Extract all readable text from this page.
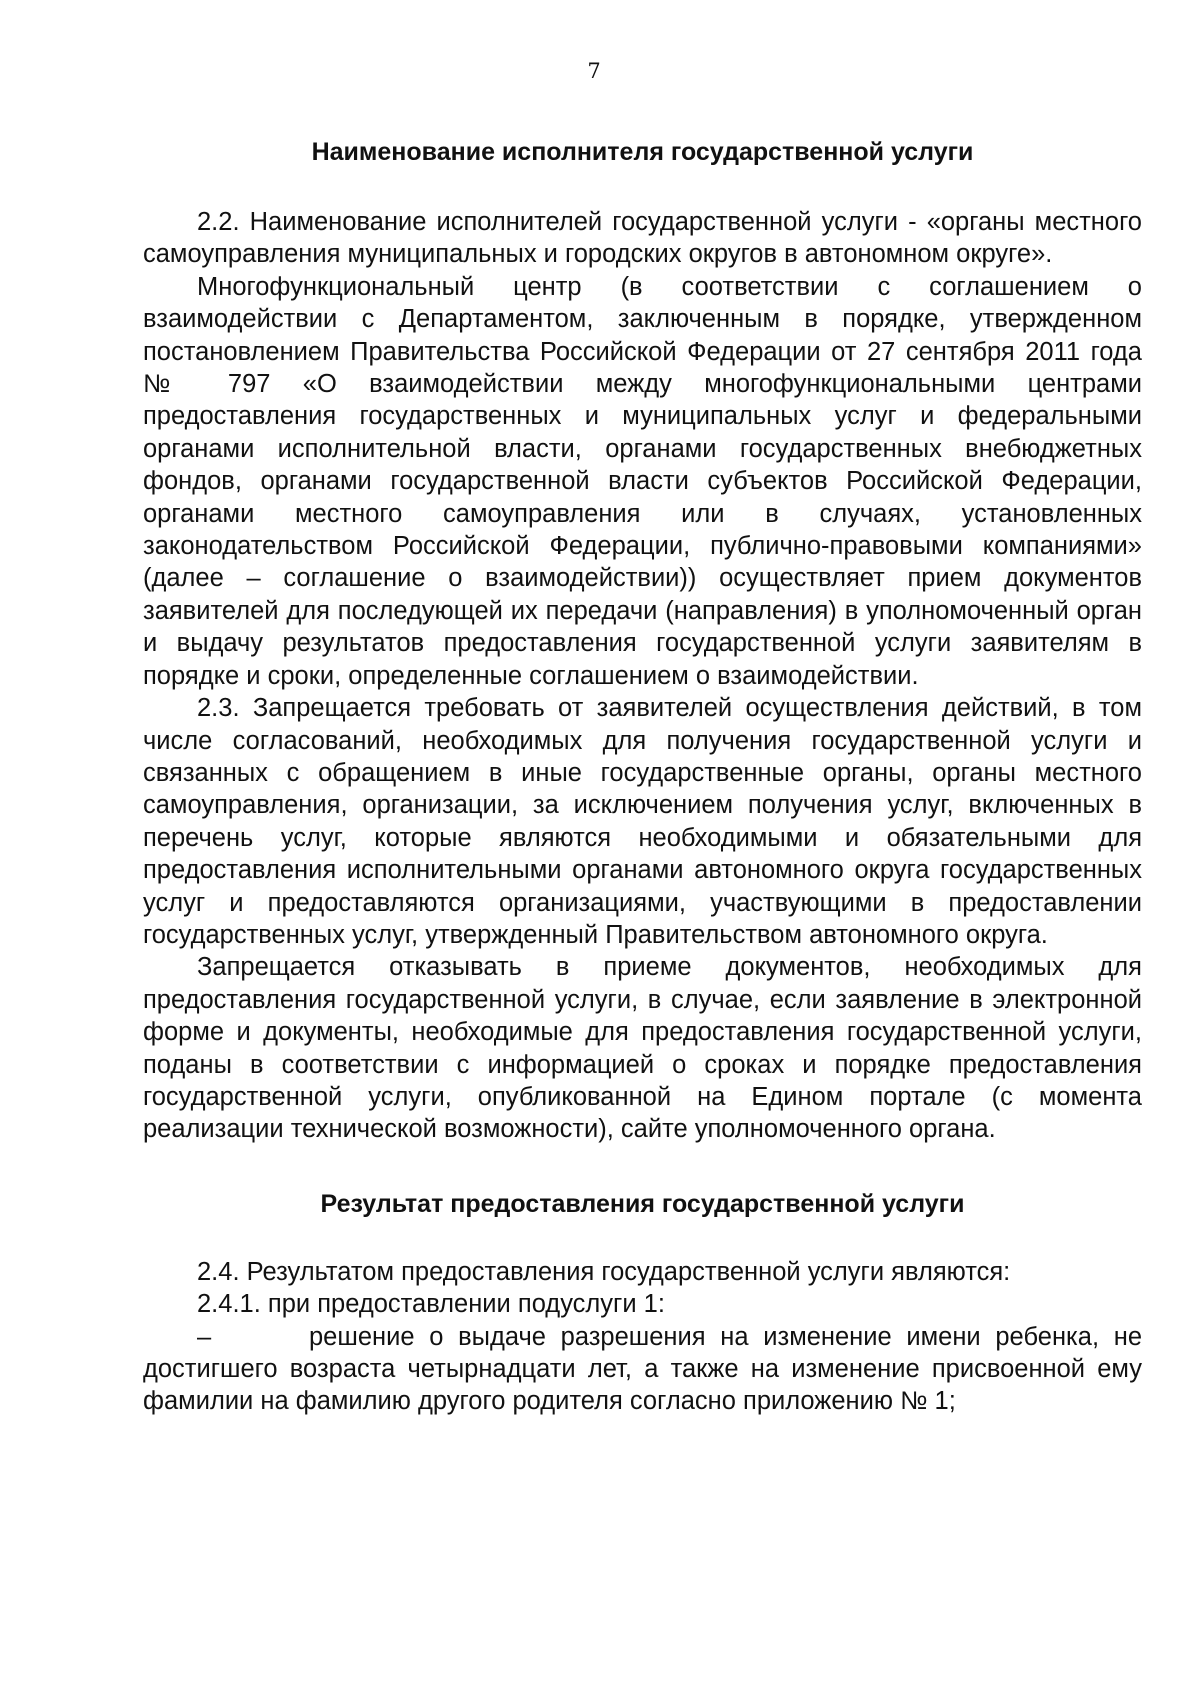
7
Наименование исполнителя государственной услуги

2.2. Наименование исполнителей государственной услуги - «органы местного самоуправления муниципальных и городских округов в автономном округе».

Многофункциональный центр (в соответствии с соглашением о взаимодействии с Департаментом, заключенным в порядке, утвержденном постановлением Правительства Российской Федерации от 27 сентября 2011 года № 797 «О взаимодействии между многофункциональными центрами предоставления государственных и муниципальных услуг и федеральными органами исполнительной власти, органами государственных внебюджетных фондов, органами государственной власти субъектов Российской Федерации, органами местного самоуправления или в случаях, установленных законодательством Российской Федерации, публично-правовыми компаниями» (далее – соглашение о взаимодействии)) осуществляет прием документов заявителей для последующей их передачи (направления) в уполномоченный орган и выдачу результатов предоставления государственной услуги заявителям в порядке и сроки, определенные соглашением о взаимодействии.

2.3. Запрещается требовать от заявителей осуществления действий, в том числе согласований, необходимых для получения государственной услуги и связанных с обращением в иные государственные органы, органы местного самоуправления, организации, за исключением получения услуг, включенных в перечень услуг, которые являются необходимыми и обязательными для предоставления исполнительными органами автономного округа государственных услуг и предоставляются организациями, участвующими в предоставлении государственных услуг, утвержденный Правительством автономного округа.

Запрещается отказывать в приеме документов, необходимых для предоставления государственной услуги, в случае, если заявление в электронной форме и документы, необходимые для предоставления государственной услуги, поданы в соответствии с информацией о сроках и порядке предоставления государственной услуги, опубликованной на Едином портале (с момента реализации технической возможности), сайте уполномоченного органа.

Результат предоставления государственной услуги

2.4. Результатом предоставления государственной услуги являются:

2.4.1. при предоставлении подуслуги 1:

–	решение о выдаче разрешения на изменение имени ребенка, не достигшего возраста четырнадцати лет, а также на изменение присвоенной ему фамилии на фамилию другого родителя согласно приложению № 1;
